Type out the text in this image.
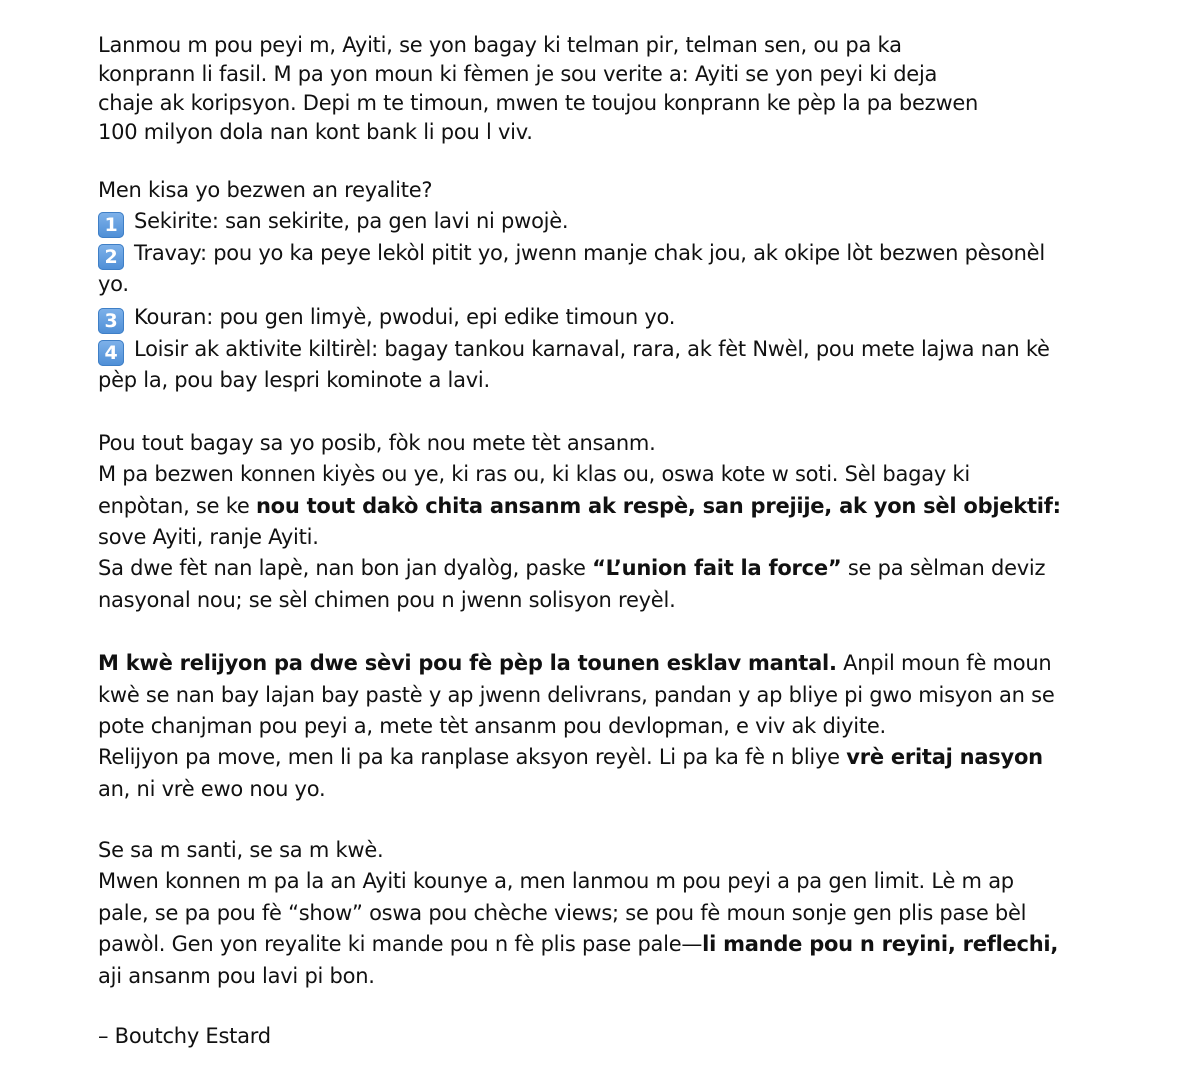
Lanmou m pou peyi m, Ayiti, se yon bagay ki telman pir, telman sen, ou pa ka
konprann li fasil. M pa yon moun ki fèmen je sou verite a: Ayiti se yon peyi ki deja
chaje ak koripsyon. Depi m te timoun, mwen te toujou konprann ke pèp la pa bezwen
100 milyon dola nan kont bank li pou l viv.
Men kisa yo bezwen an reyalite?
1 Sekirite: san sekirite, pa gen lavi ni pwojè.
2 Travay: pou yo ka peye lekòl pitit yo, jwenn manje chak jou, ak okipe lòt bezwen pèsonèl
yo.
3 Kouran: pou gen limyè, pwodui, epi edike timoun yo.
4 Loisir ak aktivite kiltirèl: bagay tankou karnaval, rara, ak fèt Nwèl, pou mete lajwa nan kè
pèp la, pou bay lespri kominote a lavi.
Pou tout bagay sa yo posib, fòk nou mete tèt ansanm.
M pa bezwen konnen kiyès ou ye, ki ras ou, ki klas ou, oswa kote w soti. Sèl bagay ki
enpòtan, se ke nou tout dakò chita ansanm ak respè, san prejije, ak yon sèl objektif:
sove Ayiti, ranje Ayiti.
Sa dwe fèt nan lapè, nan bon jan dyalòg, paske “L’union fait la force” se pa sèlman deviz
nasyonal nou; se sèl chimen pou n jwenn solisyon reyèl.
M kwè relijyon pa dwe sèvi pou fè pèp la tounen esklav mantal. Anpil moun fè moun
kwè se nan bay lajan bay pastè y ap jwenn delivrans, pandan y ap bliye pi gwo misyon an se
pote chanjman pou peyi a, mete tèt ansanm pou devlopman, e viv ak diyite.
Relijyon pa move, men li pa ka ranplase aksyon reyèl. Li pa ka fè n bliye vrè eritaj nasyon
an, ni vrè ewo nou yo.
Se sa m santi, se sa m kwè.
Mwen konnen m pa la an Ayiti kounye a, men lanmou m pou peyi a pa gen limit. Lè m ap
pale, se pa pou fè “show” oswa pou chèche views; se pou fè moun sonje gen plis pase bèl
pawòl. Gen yon reyalite ki mande pou n fè plis pase pale—li mande pou n reyini, reflechi,
aji ansanm pou lavi pi bon.
– Boutchy Estard
